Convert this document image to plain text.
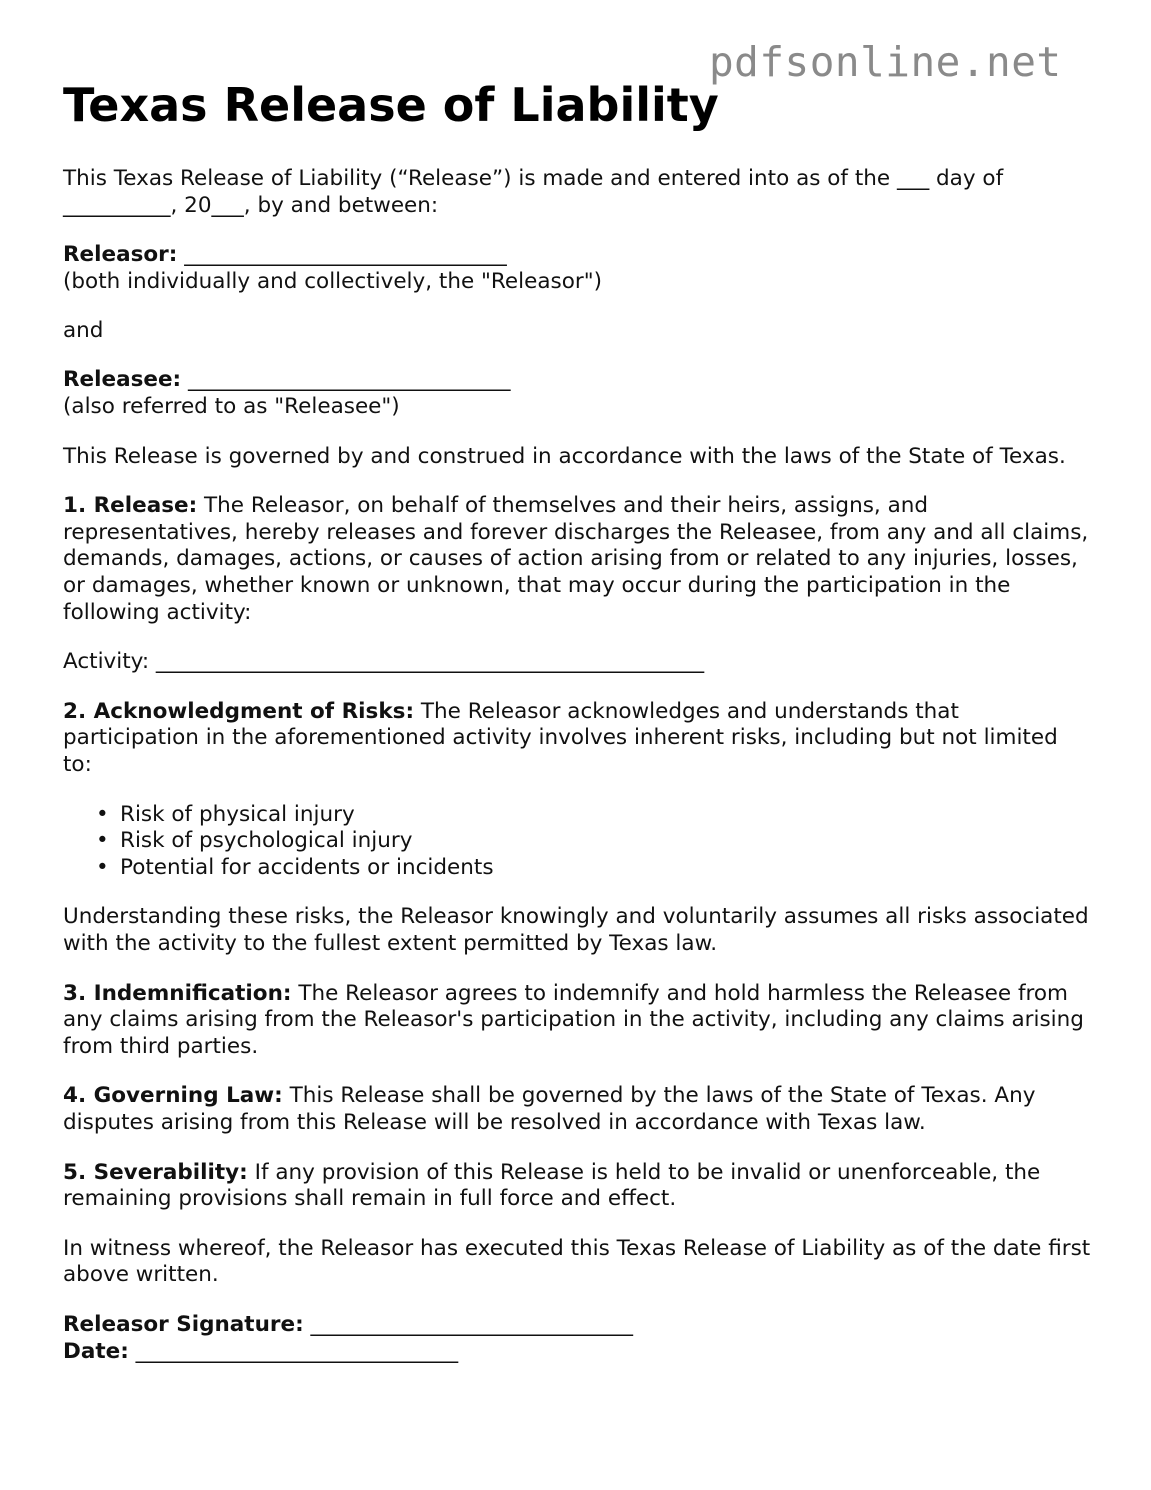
pdfsonline.net
Texas Release of Liability

This Texas Release of Liability (“Release”) is made and entered into as of the ___ day of
__________, 20___, by and between:

Releasor: ______________________________
(both individually and collectively, the "Releasor")

and

Releasee: ______________________________
(also referred to as "Releasee")

This Release is governed by and construed in accordance with the laws of the State of Texas.

1. Release: The Releasor, on behalf of themselves and their heirs, assigns, and representatives, hereby releases and forever discharges the Releasee, from any and all claims, demands, damages, actions, or causes of action arising from or related to any injuries, losses, or damages, whether known or unknown, that may occur during the participation in the following activity:

Activity: ___________________________________________________

2. Acknowledgment of Risks: The Releasor acknowledges and understands that participation in the aforementioned activity involves inherent risks, including but not limited to:

• Risk of physical injury
• Risk of psychological injury
• Potential for accidents or incidents

Understanding these risks, the Releasor knowingly and voluntarily assumes all risks associated with the activity to the fullest extent permitted by Texas law.

3. Indemnification: The Releasor agrees to indemnify and hold harmless the Releasee from any claims arising from the Releasor's participation in the activity, including any claims arising from third parties.

4. Governing Law: This Release shall be governed by the laws of the State of Texas. Any disputes arising from this Release will be resolved in accordance with Texas law.

5. Severability: If any provision of this Release is held to be invalid or unenforceable, the remaining provisions shall remain in full force and effect.

In witness whereof, the Releasor has executed this Texas Release of Liability as of the date first above written.

Releasor Signature: ______________________________
Date: ______________________________
